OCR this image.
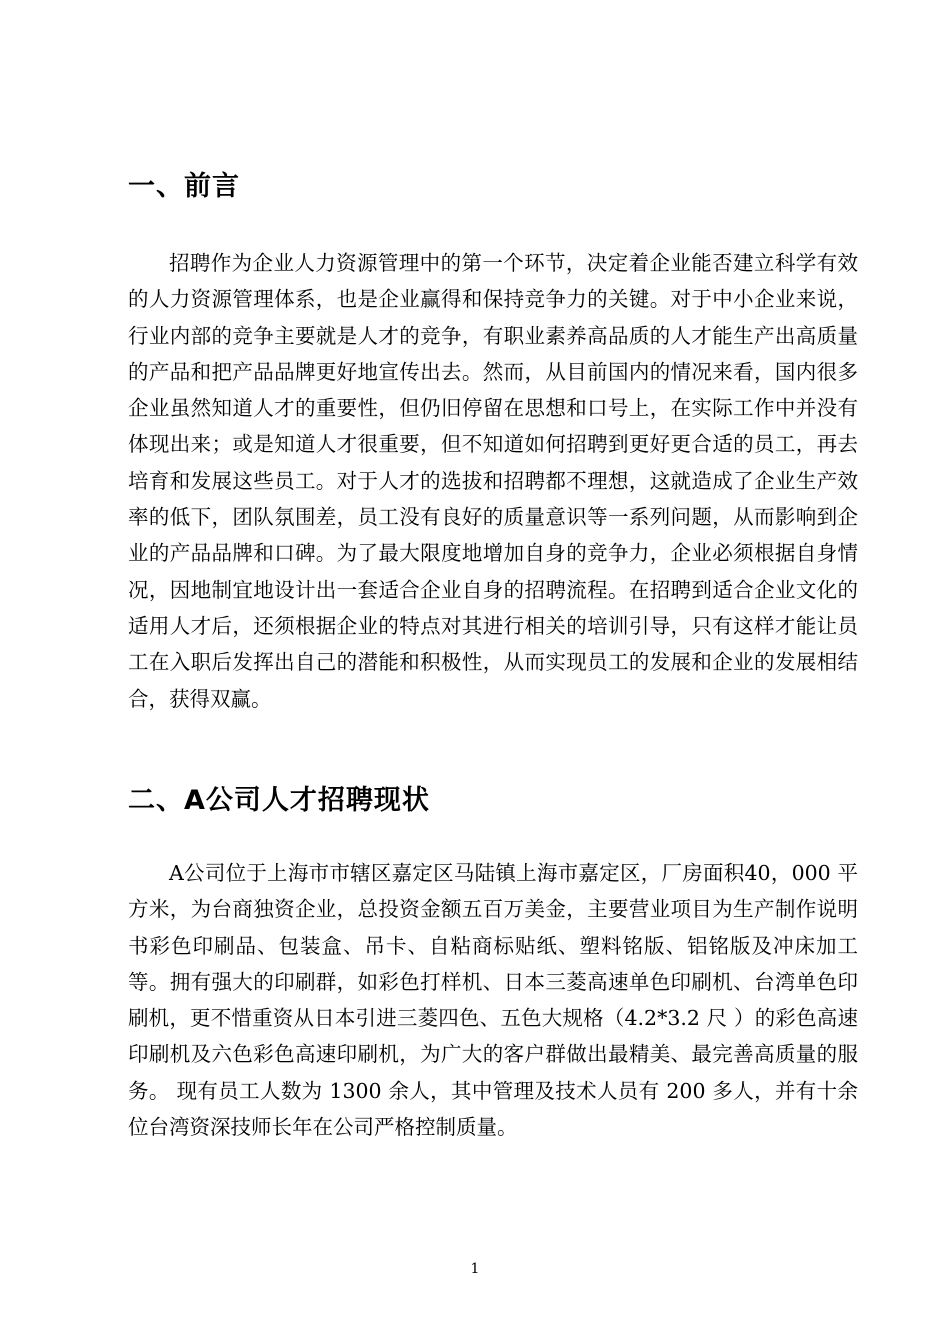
一、前言

招聘作为企业人力资源管理中的第一个环节，决定着企业能否建立科学有效的人力资源管理体系，也是企业赢得和保持竞争力的关键。对于中小企业来说，行业内部的竞争主要就是人才的竞争，有职业素养高品质的人才能生产出高质量的产品和把产品品牌更好地宣传出去。然而，从目前国内的情况来看，国内很多企业虽然知道人才的重要性，但仍旧停留在思想和口号上，在实际工作中并没有体现出来；或是知道人才很重要，但不知道如何招聘到更好更合适的员工，再去培育和发展这些员工。对于人才的选拔和招聘都不理想，这就造成了企业生产效率的低下，团队氛围差，员工没有良好的质量意识等一系列问题，从而影响到企业的产品品牌和口碑。为了最大限度地增加自身的竞争力，企业必须根据自身情况，因地制宜地设计出一套适合企业自身的招聘流程。在招聘到适合企业文化的适用人才后，还须根据企业的特点对其进行相关的培训引导，只有这样才能让员工在入职后发挥出自己的潜能和积极性，从而实现员工的发展和企业的发展相结合，获得双赢。

二、A公司人才招聘现状

A公司位于上海市市辖区嘉定区马陆镇上海市嘉定区，厂房面积40，000 平方米，为台商独资企业，总投资金额五百万美金，主要营业项目为生产制作说明书彩色印刷品、包装盒、吊卡、自粘商标贴纸、塑料铭版、铝铭版及冲床加工等。拥有强大的印刷群，如彩色打样机、日本三菱高速单色印刷机、台湾单色印刷机，更不惜重资从日本引进三菱四色、五色大规格（4.2*3.2 尺 ）的彩色高速印刷机及六色彩色高速印刷机，为广大的客户群做出最精美、最完善高质量的服务。 现有员工人数为 1300 余人，其中管理及技术人员有 200 多人，并有十余位台湾资深技师长年在公司严格控制质量。

1
